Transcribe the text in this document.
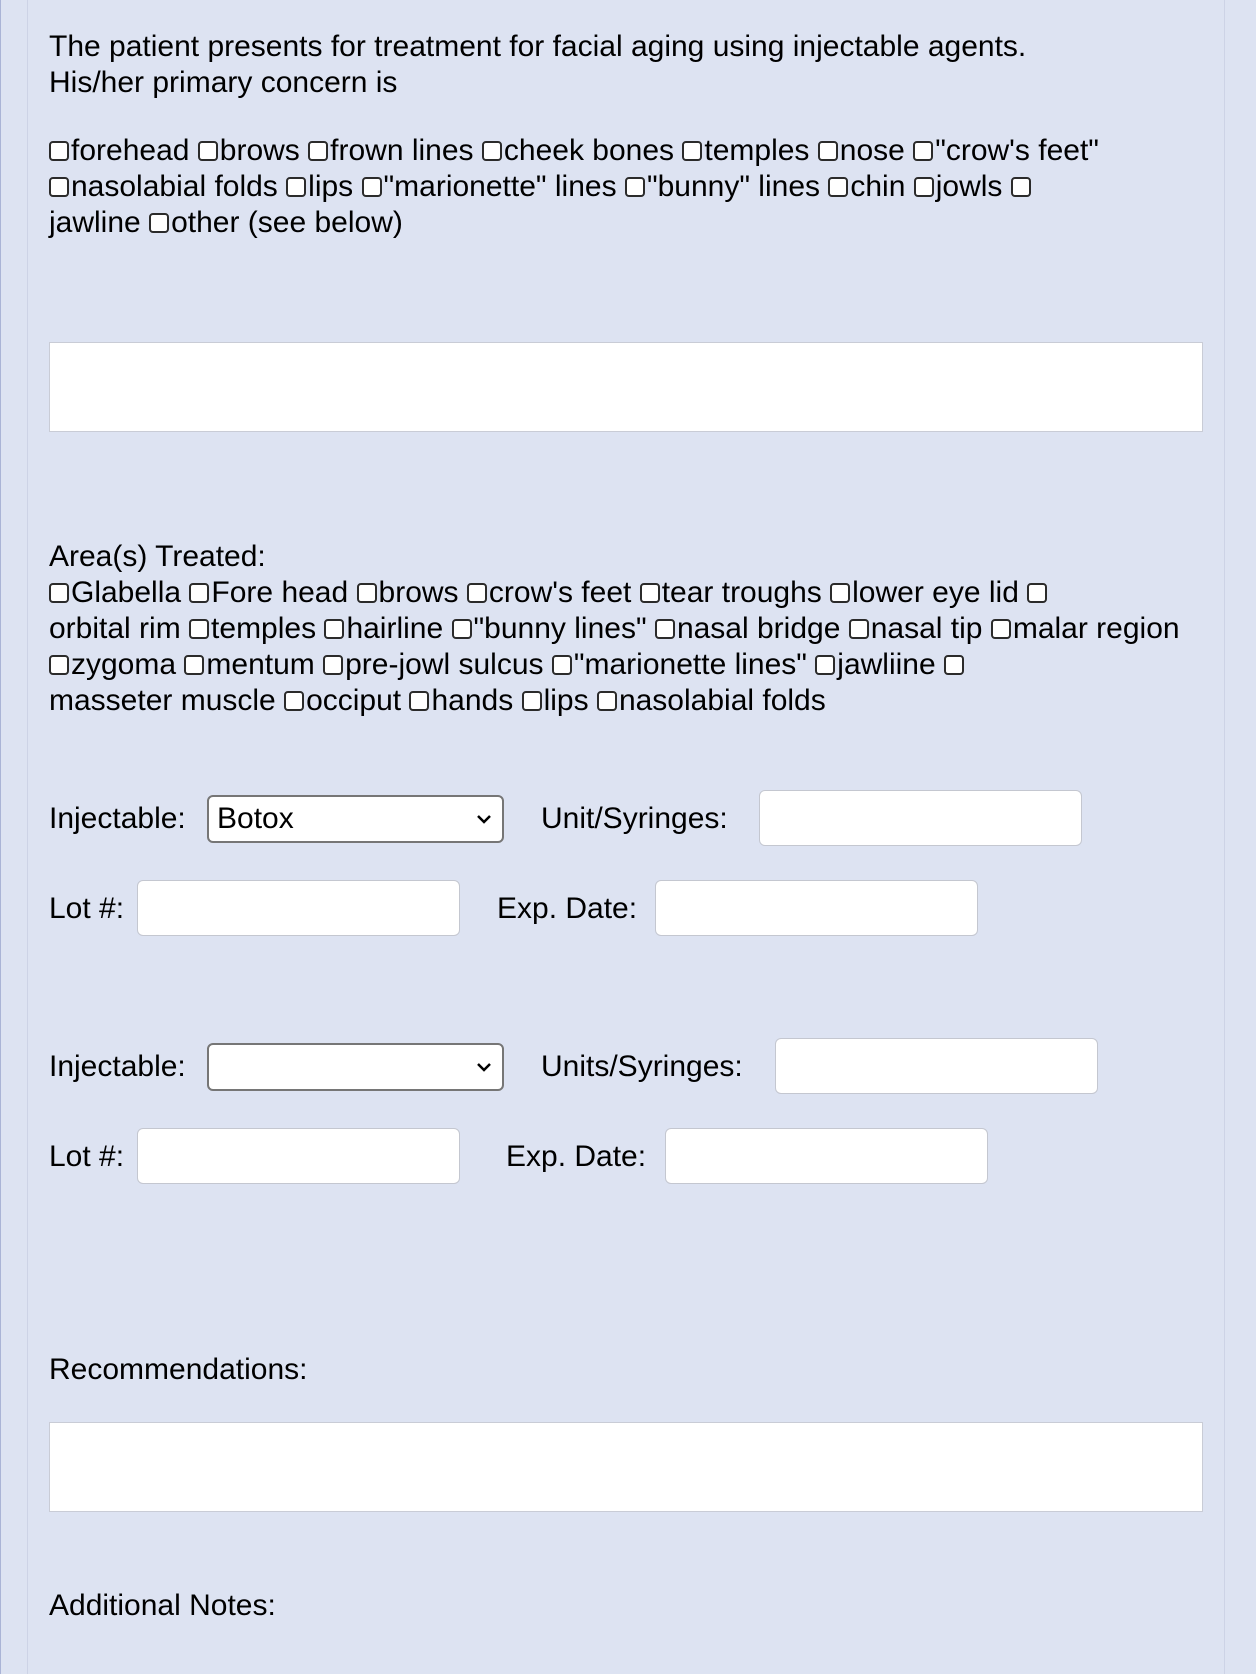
The patient presents for treatment for facial aging using injectable agents.
His/her primary concern is
forehead brows frown lines cheek bones temples nose "crow's feet"
nasolabial folds lips "marionette" lines "bunny" lines chin jowls
jawline other (see below)
Area(s) Treated:
Glabella Fore head brows crow's feet tear troughs lower eye lid
orbital rim temples hairline "bunny lines" nasal bridge nasal tip malar region zygoma mentum pre-jowl sulcus "marionette lines" jawliine
masseter muscle occiput hands lips nasolabial folds
Injectable:	Botox	Unit/Syringes:
Lot #:	Exp. Date:
Injectable:	Units/Syringes:
Lot #:	Exp. Date:
Recommendations:
Additional Notes:
